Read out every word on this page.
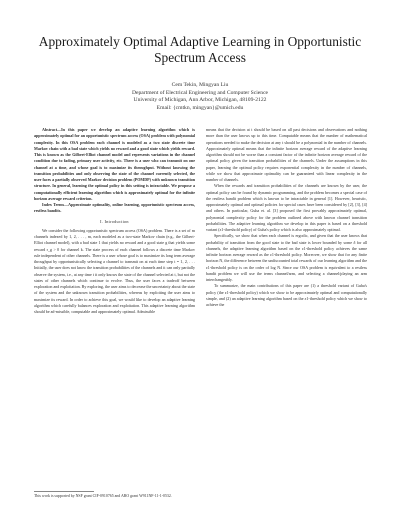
Approximately Optimal Adaptive Learning in Opportunistic Spectrum Access
Cem Tekin, Mingyan Liu
Department of Electrical Engineering and Computer Science
University of Michigan, Ann Arbor, Michigan, 48109-2122
Email: {cmtkn, mingyan}@umich.edu

Abstract—In this paper we develop an adaptive learning algorithm which is approximately optimal for an opportunistic spectrum access (OSA) problem with polynomial complexity. In this OSA problem each channel is modeled as a two state discrete time Markov chain with a bad state which yields no reward and a good state which yields reward. This is known as the Gilbert-Elliot channel model and represents variations in the channel condition due to fading, primary user activity, etc. There is a user who can transmit on one channel at a time, and whose goal is to maximize its throughput. Without knowing the transition probabilities and only observing the state of the channel currently selected, the user faces a partially observed Markov decision problem (POMDP) with unknown transition structure. In general, learning the optimal policy in this setting is intractable. We propose a computationally efficient learning algorithm which is approximately optimal for the infinite horizon average reward criterion.

Index Terms—Approximate optimality, online learning, opportunistic spectrum access, restless bandits.

I. Introduction

We consider the following opportunistic spectrum access (OSA) problem. There is a set of m channels indexed by 1, 2, . . . , m, each modeled as a two-state Markov chain (e.g., the Gilbert-Elliot channel model), with a bad state 1 that yields no reward and a good state g that yields some reward r_g > 0 for channel k. The state process of each channel follows a discrete time Markov rule independent of other channels. There is a user whose goal is to maximize its long term average throughput by opportunistically selecting a channel to transmit on at each time step t = 1, 2, . . . Initially, the user does not know the transition probabilities of the channels and it can only partially observe the system, i.e., at any time t it only knows the state of the channel selected at t, but not the states of other channels which continue to evolve. Thus, the user faces a tradeoff between exploration and exploitation. By exploring, the user aims to decrease the uncertainty about the state of the system and the unknown transition probabilities, whereas by exploiting the user aims to maximize its reward. In order to achieve this goal, we would like to develop an adaptive learning algorithm which carefully balances exploration and exploitation. This adaptive learning algorithm should be ad-missible, computable and approximately optimal. Admissible

This work is supported by NSF grant CIF-0910765 and ARO grant W911NF-11-1-0532.

means that the decision at t should be based on all past decisions and observations and nothing more than the user knows up to this time. Computable means that the number of mathematical operations needed to make the decision at any t should be a polynomial in the number of channels. Approximately optimal means that the infinite horizon average reward of the adaptive learning algorithm should not be worse than a constant factor of the infinite horizon average reward of the optimal policy given the transition probabilities of the channels. Under the assumptions in this paper, learning the optimal policy requires exponential complexity in the number of channels, while we show that approximate optimality can be guaranteed with linear complexity in the number of channels.

When the rewards and transition probabilities of the channels are known by the user, the optimal policy can be found by dynamic programming, and the problem becomes a special case of the restless bandit problem which is known to be intractable in general [1]. However, heuristic, approximately optimal and optimal policies for special cases have been considered by [2], [3], [4] and others. In particular, Guha et. al. [3] proposed the first provably approximately optimal, polynomial complexity policy for the problem outlined above with known channel transition probabilities. The adaptive learning algorithm we develop in this paper is based on a threshold variant (ε1-threshold policy) of Guha's policy which is also approximately optimal.

Specifically, we show that when each channel is ergodic, and given that the user knows that probability of transition from the good state to the bad state is lower bounded by some δ for all channels, the adaptive learning algorithm based on the ε1-threshold policy achieves the same infinite horizon average reward as the ε1-threshold policy. Moreover, we show that for any finite horizon N, the difference between the undiscounted total rewards of our learning algorithm and the ε1-threshold policy is on the order of log N. Since our OSA problem is equivalent to a restless bandit problem we will use the terms channel/arm, and selecting a channel/playing an arm interchangeably.

To summarize, the main contributions of this paper are (1) a threshold variant of Guha's policy (the ε1-threshold policy) which we show to be approximately optimal and computationally simple, and (2) an adaptive learning algorithm based on the ε1-threshold policy which we show to achieve the
